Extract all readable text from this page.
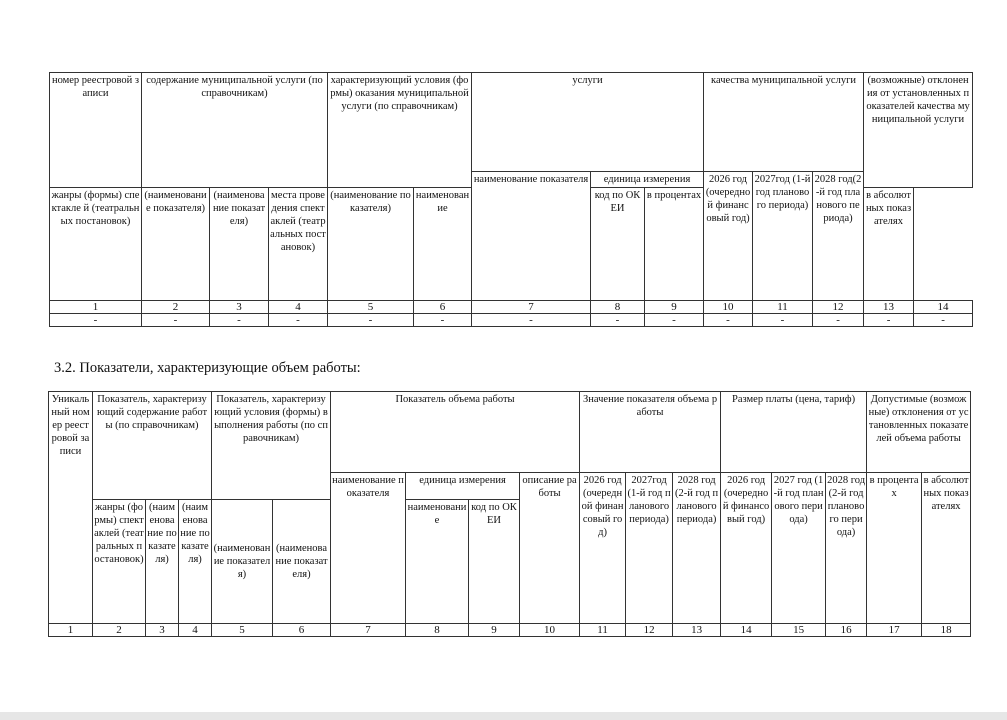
номер реестровой записи	содержание муниципальной услуги (по справочникам)			характеризующий условия (формы) оказания муниципальной услуги (по справочникам)		услуги			качества муниципальной услуги			(возможные) отклонения от установленных показателей качества муниципальной услуги	
						наименование показателя	единица измерения		2026 год (очередной финансовый год)	2027год (1-й год планового периода)	2028 год(2-й год планового периода)		
жанры (формы) спектакле й (театральн ых постановок)	(наименование показателя)	(наименование показателя)	места проведения спектаклей (театральных постановок)	(наименование показателя)	наименование		код по ОКЕИ	в процентах				в абсолютных показателях	
1	2	3	4	5	6	7	8	9	10	11	12	13	14
-	-	-	-	-	-	-	-	-	-	-	-	-	-
3.2. Показатели, характеризующие объем работы:
Уникальный номер реестровой записи	Показатель, характеризующий содержание работы (по справочникам)			Показатель, характеризующий условия (формы) выполнения работы (по справочникам)		Показатель объема работы				Значение показателя объема работы			Размер платы (цена, тариф)			Допустимые (возможные) отклонения от установленных показателей объема работы	
						наименование показателя	единица измерения		описание работы	2026 год (очередной финансовый год)	2027год (1-й год планового периода)	2028 год (2-й год планового периода)	2026 год (очередной финансовый год)	2027 год (1-й год планового периода)	2028 год (2-й год планового периода)	в процентах	в абсолютных показателях
	жанры (формы) спектаклей (театральных постановок)	(наименование показателя)	(наименование показателя)	(наименование показателя)	(наименование показателя)		наименование	код по ОКЕИ									
1	2	3	4	5	6	7	8	9	10	11	12	13	14	15	16	17	18
